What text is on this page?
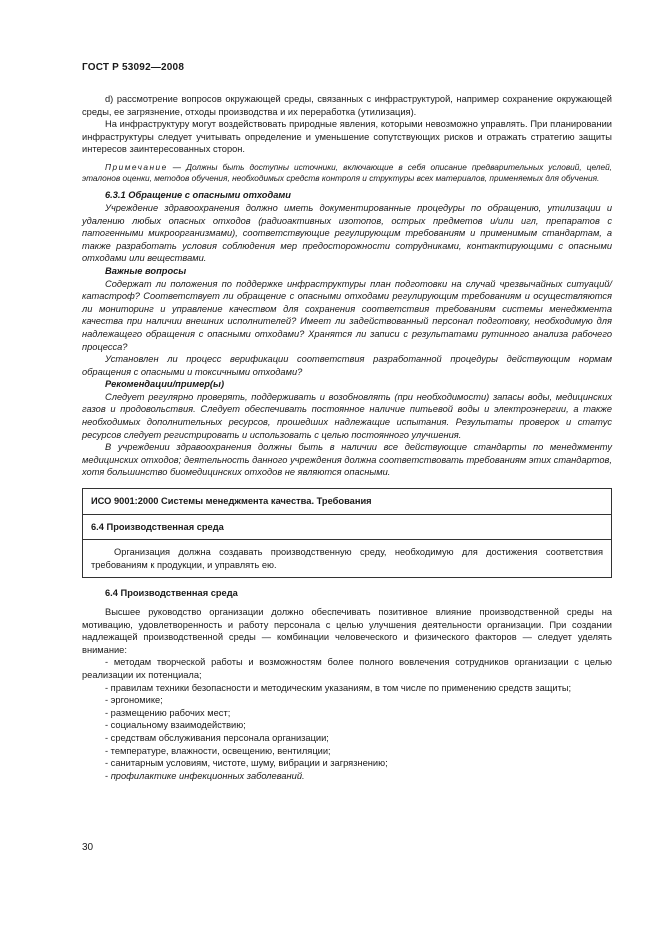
ГОСТ Р 53092—2008

d) рассмотрение вопросов окружающей среды, связанных с инфраструктурой, например сохранение окружающей среды, ее загрязнение, отходы производства и их переработка (утилизация).

На инфраструктуру могут воздействовать природные явления, которыми невозможно управлять. При планировании инфраструктуры следует учитывать определение и уменьшение сопутствующих рисков и отражать стратегию защиты интересов заинтересованных сторон.

Примечание — Должны быть доступны источники, включающие в себя описание предварительных условий, целей, эталонов оценки, методов обучения, необходимых средств контроля и структуры всех материалов, применяемых для обучения.

6.3.1 Обращение с опасными отходами

Учреждение здравоохранения должно иметь документированные процедуры по обращению, утилизации и удалению любых опасных отходов (радиоактивных изотопов, острых предметов и/или игл, препаратов с патогенными микроорганизмами), соответствующие регулирующим требованиям и применимым стандартам, а также разработать условия соблюдения мер предосторожности сотрудниками, контактирующими с опасными отходами или веществами.

Важные вопросы

Содержат ли положения по поддержке инфраструктуры план подготовки на случай чрезвычайных ситуаций/катастроф? Соответствует ли обращение с опасными отходами регулирующим требованиям и осуществляются ли мониторинг и управление качеством для сохранения соответствия требованиям системы менеджмента качества при наличии внешних исполнителей? Имеет ли задействованный персонал подготовку, необходимую для надлежащего обращения с опасными отходами? Хранятся ли записи с результатами рутинного анализа рабочего процесса?

Установлен ли процесс верификации соответствия разработанной процедуры действующим нормам обращения с опасными и токсичными отходами?

Рекомендации/пример(ы)

Следует регулярно проверять, поддерживать и возобновлять (при необходимости) запасы воды, медицинских газов и продовольствия. Следует обеспечивать постоянное наличие питьевой воды и электроэнергии, а также необходимых дополнительных ресурсов, прошедших надлежащие испытания. Результаты проверок и статус ресурсов следует регистрировать и использовать с целью постоянного улучшения.

В учреждении здравоохранения должны быть в наличии все действующие стандарты по менеджменту медицинских отходов; деятельность данного учреждения должна соответствовать требованиям этих стандартов, хотя большинство биомедицинских отходов не являются опасными.

ИСО 9001:2000 Системы менеджмента качества. Требования

6.4 Производственная среда

Организация должна создавать производственную среду, необходимую для достижения соответствия требованиям к продукции, и управлять ею.

6.4 Производственная среда

Высшее руководство организации должно обеспечивать позитивное влияние производственной среды на мотивацию, удовлетворенность и работу персонала с целью улучшения деятельности организации. При создании надлежащей производственной среды — комбинации человеческого и физического факторов — следует уделять внимание:

- методам творческой работы и возможностям более полного вовлечения сотрудников организации с целью реализации их потенциала;

- правилам техники безопасности и методическим указаниям, в том числе по применению средств защиты;

- эргономике;

- размещению рабочих мест;

- социальному взаимодействию;

- средствам обслуживания персонала организации;

- температуре, влажности, освещению, вентиляции;

- санитарным условиям, чистоте, шуму, вибрации и загрязнению;

- профилактике инфекционных заболеваний.

30
